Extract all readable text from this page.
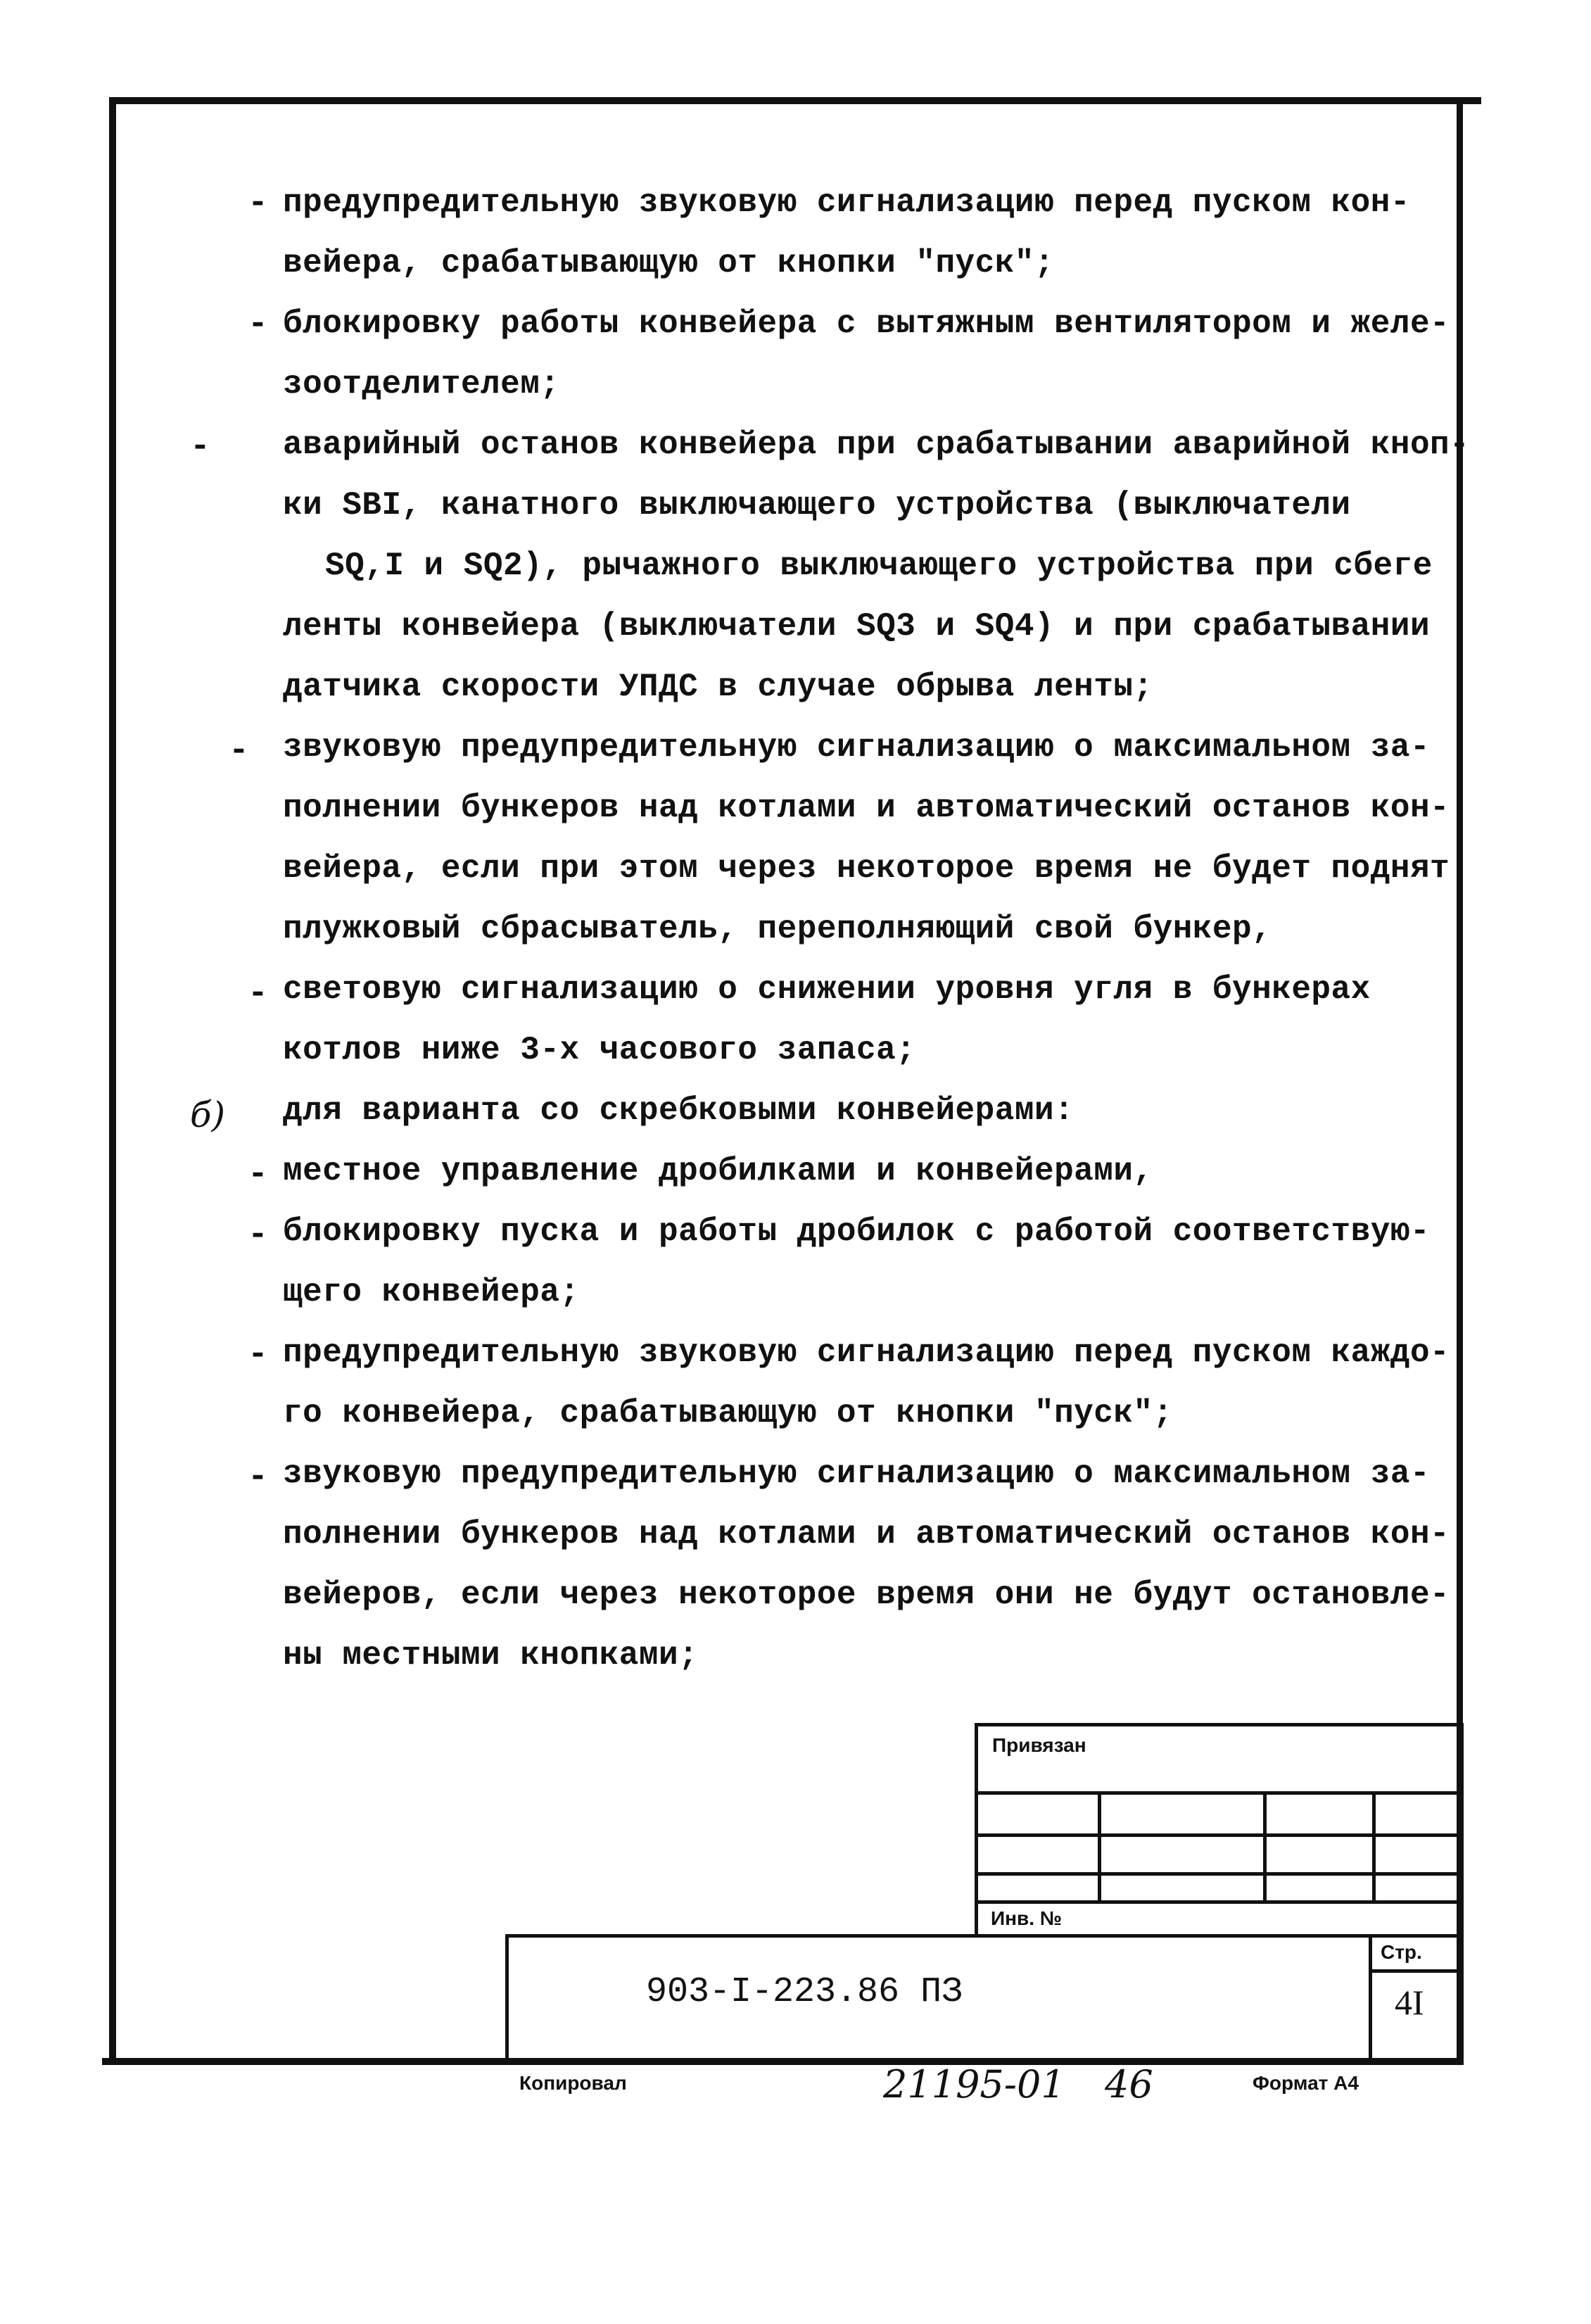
-
-
-
-
-
б)
-
-
-
-
предупредительную звуковую сигнализацию перед пуском кон-
вейера, срабатывающую от кнопки "пуск";
блокировку работы конвейера с вытяжным вентилятором и желе-
зоотделителем;
аварийный останов конвейера при срабатывании аварийной кноп-
ки SBI, канатного выключающего устройства (выключатели
SQ,I и SQ2), рычажного выключающего устройства при сбеге
ленты конвейера (выключатели SQ3 и SQ4) и при срабатывании
датчика скорости УПДС в случае обрыва ленты;
звуковую предупредительную сигнализацию о максимальном за-
полнении бункеров над котлами и автоматический останов кон-
вейера, если при этом через некоторое время не будет поднят
плужковый сбрасыватель, переполняющий свой бункер,
световую сигнализацию о снижении уровня угля в бункерах
котлов ниже 3-х часового запаса;
для варианта со скребковыми конвейерами:
местное управление дробилками и конвейерами,
блокировку пуска и работы дробилок с работой соответствую-
щего конвейера;
предупредительную звуковую сигнализацию перед пуском каждо-
го конвейера, срабатывающую от кнопки "пуск";
звуковую предупредительную сигнализацию о максимальном за-
полнении бункеров над котлами и автоматический останов кон-
вейеров, если через некоторое время они не будут остановле-
ны местными кнопками;
Привязан
Инв. №
903-I-223.86 ПЗ
Стр.
4I
Копировал	21195-01 46	Формат А4
